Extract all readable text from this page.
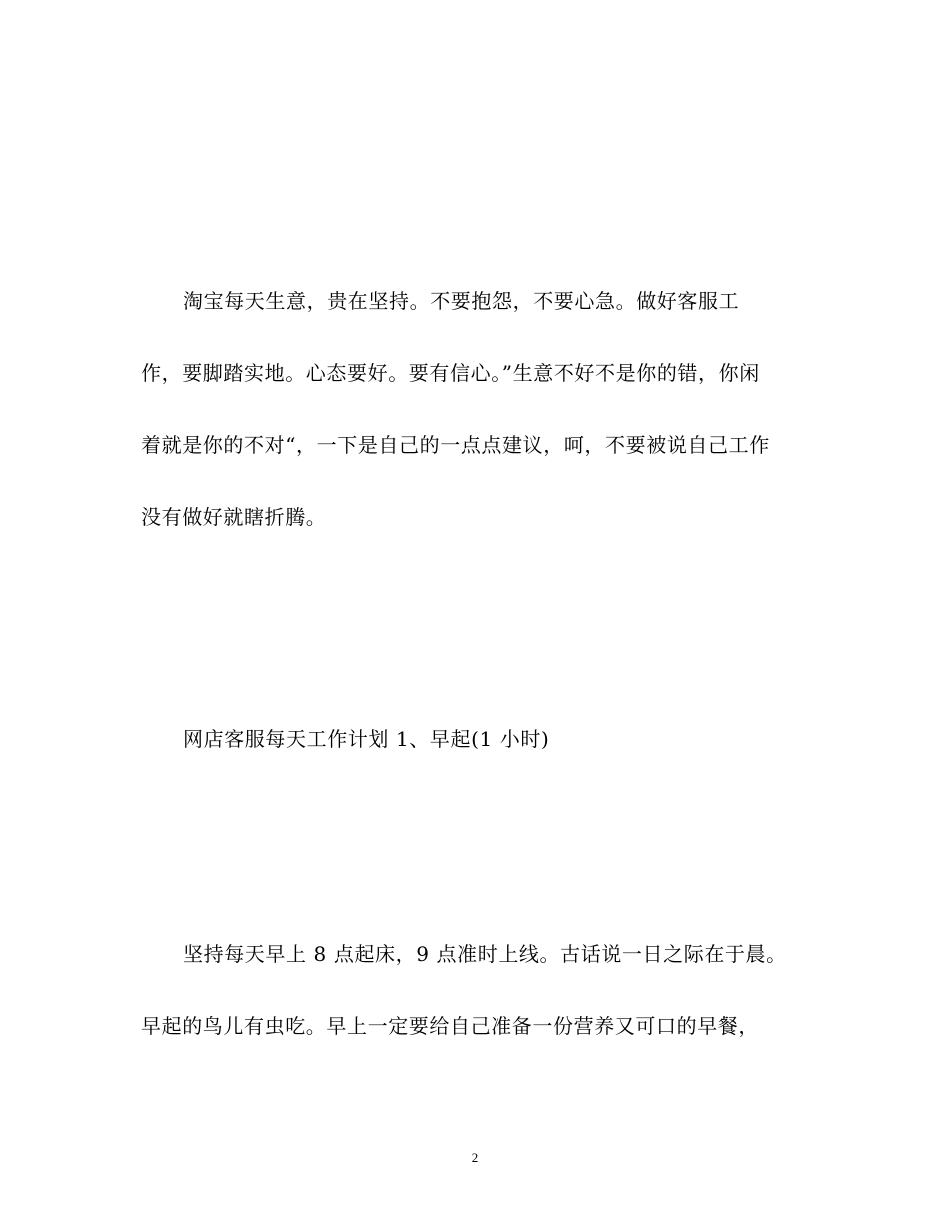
淘宝每天生意，贵在坚持。不要抱怨，不要心急。做好客服工
作，要脚踏实地。心态要好。要有信心。”生意不好不是你的错，你闲
着就是你的不对“，一下是自己的一点点建议，呵，不要被说自己工作
没有做好就瞎折腾。
网店客服每天工作计划 1、早起(1 小时)
坚持每天早上 8 点起床，9 点准时上线。古话说一日之际在于晨。
早起的鸟儿有虫吃。早上一定要给自己准备一份营养又可口的早餐，
2
